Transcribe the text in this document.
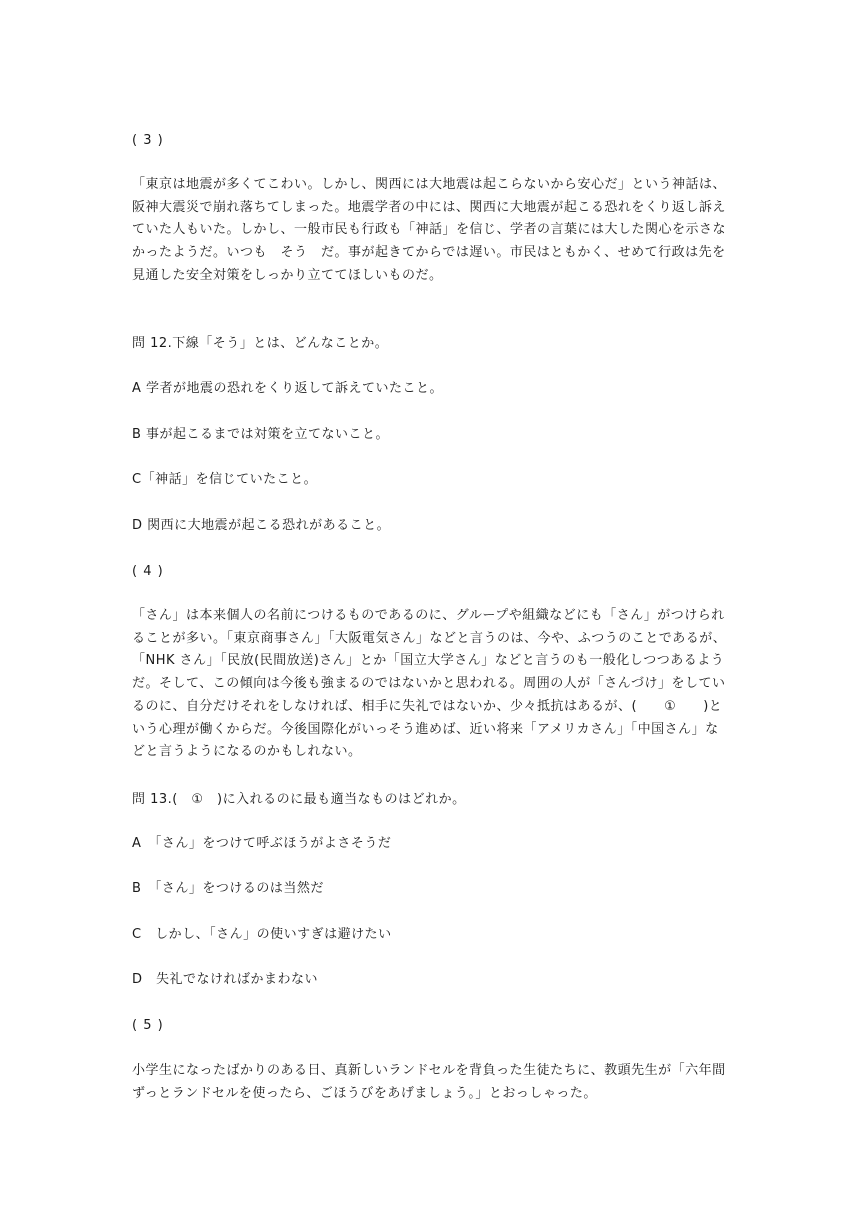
( 3 )

「東京は地震が多くてこわい。しかし、関西には大地震は起こらないから安心だ」という神話は、阪神大震災で崩れ落ちてしまった。地震学者の中には、関西に大地震が起こる恐れをくり返し訴えていた人もいた。しかし、一般市民も行政も「神話」を信じ、学者の言葉には大した関心を示さなかったようだ。いつも　そう　だ。事が起きてからでは遅い。市民はともかく、せめて行政は先を見通した安全対策をしっかり立ててほしいものだ。

問 12.下線「そう」とは、どんなことか。

A 学者が地震の恐れをくり返して訴えていたこと。

B 事が起こるまでは対策を立てないこと。

C「神話」を信じていたこと。

D 関西に大地震が起こる恐れがあること。

( 4 )

「さん」は本来個人の名前につけるものであるのに、グループや組織などにも「さん」がつけられることが多い。「東京商事さん」「大阪電気さん」などと言うのは、今や、ふつうのことであるが、「NHK さん」「民放(民間放送)さん」とか「国立大学さん」などと言うのも一般化しつつあるようだ。そして、この傾向は今後も強まるのではないかと思われる。周囲の人が「さんづけ」をしているのに、自分だけそれをしなければ、相手に失礼ではないか、少々抵抗はあるが、(　　①　　)という心理が働くからだ。今後国際化がいっそう進めば、近い将来「アメリカさん」「中国さん」などと言うようになるのかもしれない。

問 13.(　①　)に入れるのに最も適当なものはどれか。

A　「さん」をつけて呼ぶほうがよさそうだ

B　「さん」をつけるのは当然だ

C　しかし、「さん」の使いすぎは避けたい

D　失礼でなければかまわない

( 5 )

小学生になったばかりのある日、真新しいランドセルを背負った生徒たちに、教頭先生が「六年間ずっとランドセルを使ったら、ごほうびをあげましょう。」とおっしゃった。
